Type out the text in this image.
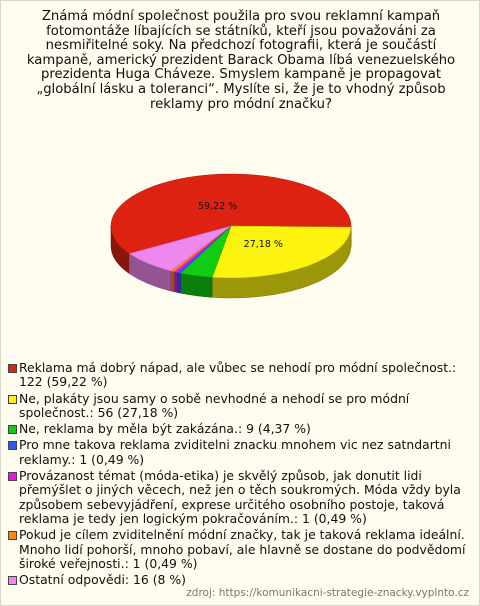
Známá módní společnost použila pro svou reklamní kampaň fotomontáže líbajících se státníků, kteří jsou považováni za nesmiřitelné soky. Na předchozí fotografii, která je součástí kampaně, americký prezident Barack Obama líbá venezuelského prezidenta Huga Cháveze. Smyslem kampaně je propagovat „globální lásku a toleranci“. Myslíte si, že je to vhodný způsob reklamy pro módní značku?
59,22 %
27,18 %
Reklama má dobrý nápad, ale vůbec se nehodí pro módní společnost.: 122 (59,22 %)
Ne, plakáty jsou samy o sobě nevhodné a nehodí se pro módní společnost.: 56 (27,18 %)
Ne, reklama by měla být zakázána.: 9 (4,37 %)
Pro mne takova reklama zviditelni znacku mnohem vic nez satndartni reklamy.: 1 (0,49 %)
Provázanost témat (móda-etika) je skvělý způsob, jak donutit lidi přemýšlet o jiných věcech, než jen o těch soukromých. Móda vždy byla způsobem sebevyjádření, exprese určitého osobního postoje, taková reklama je tedy jen logickým pokračováním.: 1 (0,49 %)
Pokud je cílem zviditelnění módní značky, tak je taková reklama ideální. Mnoho lidí pohorší, mnoho pobaví, ale hlavně se dostane do podvědomí široké veřejnosti.: 1 (0,49 %)
Ostatní odpovědi: 16 (8 %)
zdroj: https://komunikacni-strategie-znacky.vyplnto.cz
